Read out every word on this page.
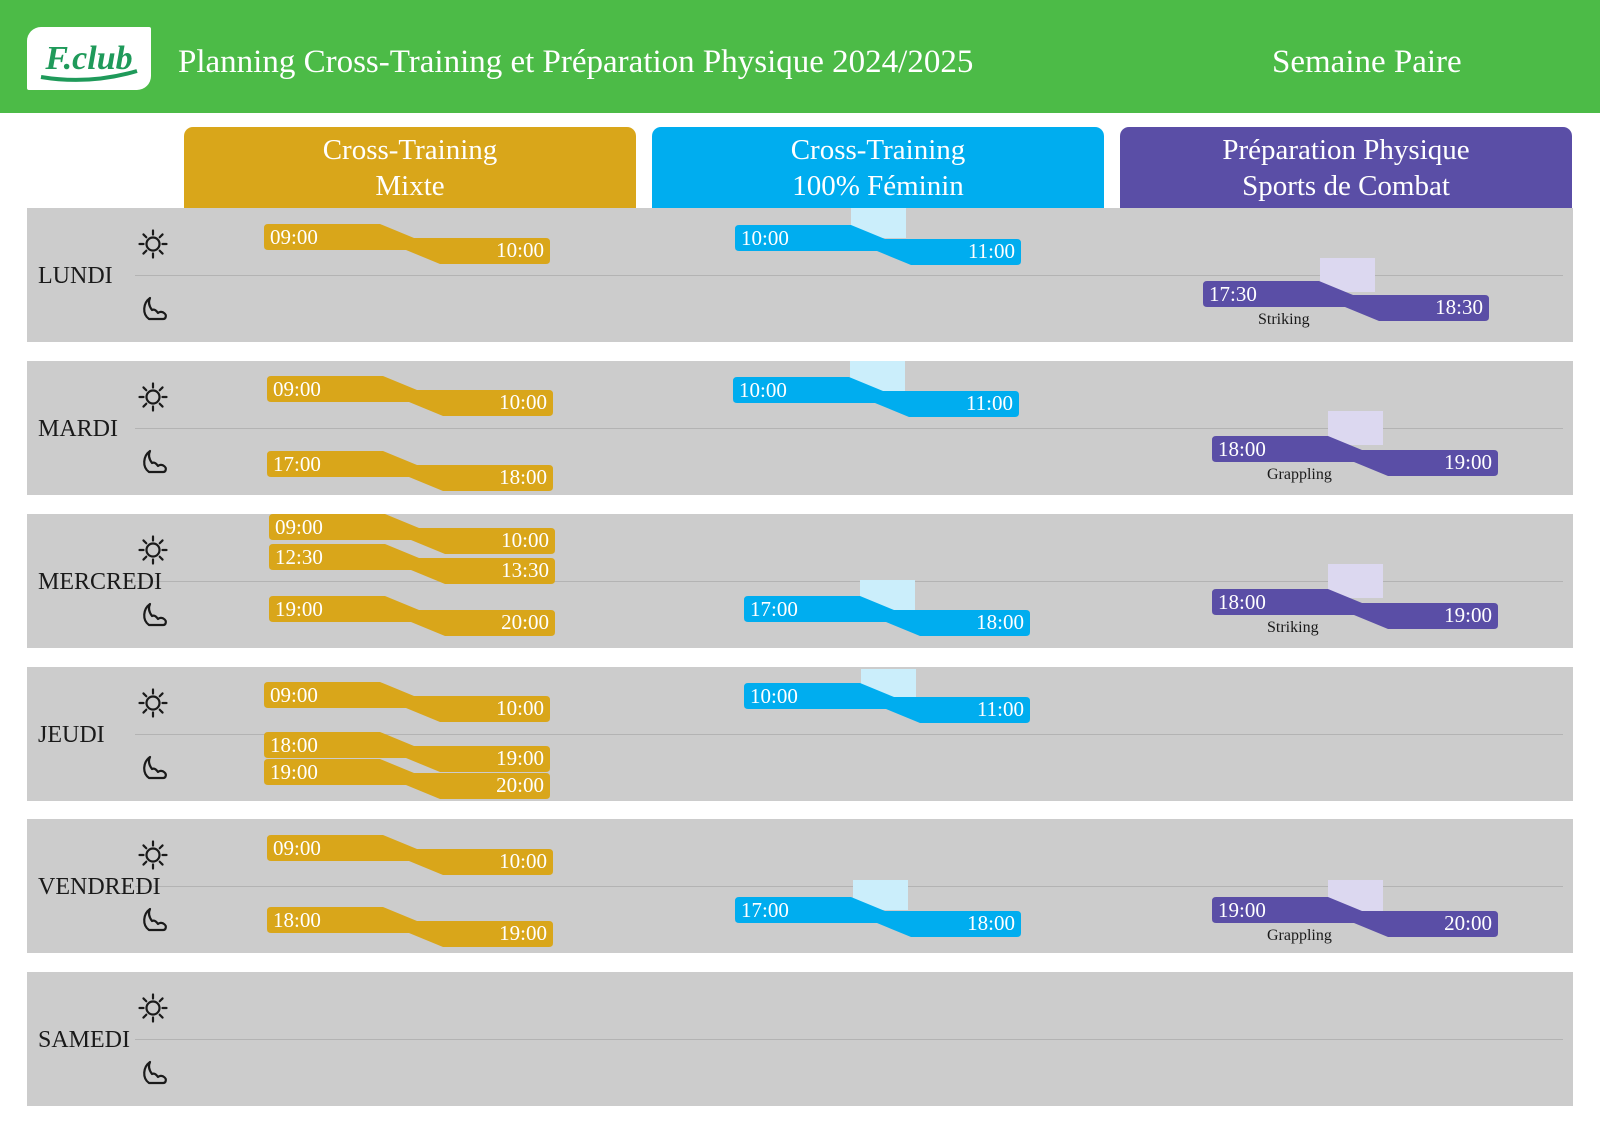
F.club Planning Cross-Training et Préparation Physique 2024/2025	Semaine Paire
Cross-Training
Mixte
Cross-Training
100% Féminin
Préparation Physique
Sports de Combat
LUNDI
MARDI
MERCREDI
JEUDI
VENDREDI
SAMEDI
09:00
10:00	10:00
11:00
17:30
18:30
Striking
09:00
10:00
17:00
18:00
10:00
11:00
18:00
19:00
Grappling
09:00
10:00
12:30
13:30
19:00
20:00
17:00
18:00
18:00
19:00
Striking
09:00
10:00
18:00
19:00
19:00
20:00
10:00
11:00
09:00
10:00
18:00
19:00
17:00
18:00
19:00
20:00
Grappling
